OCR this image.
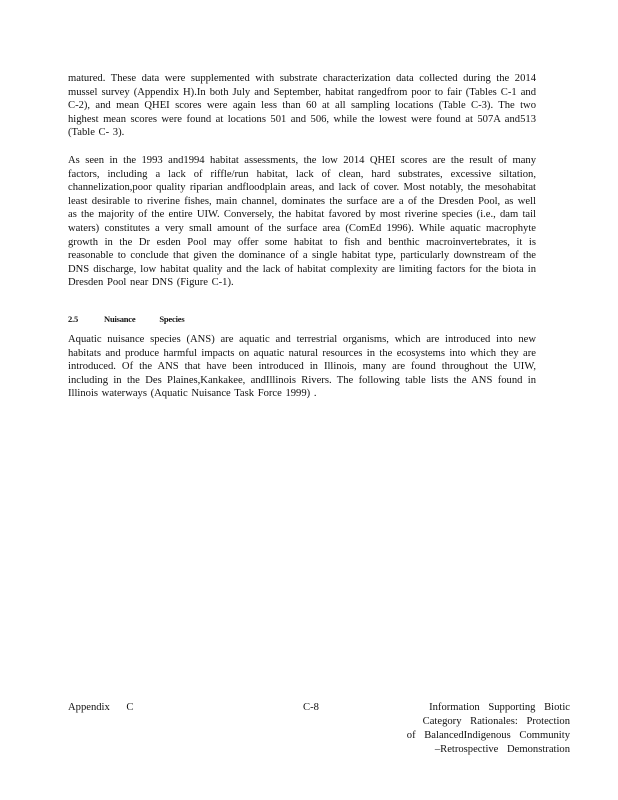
matured. These data were supplemented with substrate characterization data collected during the 2014 mussel survey (Appendix H).In both July and September, habitat rangedfrom poor to fair (Tables C-1 and C-2), and mean QHEI scores were again less than 60 at all sampling locations (Table C-3). The two highest mean scores were found at locations 501 and 506, while the lowest were found at 507A and513 (Table C- 3).

As seen in the 1993 and1994 habitat assessments, the low 2014 QHEI scores are the result of many factors, including a lack of riffle/run habitat, lack of clean, hard substrates, excessive siltation, channelization,poor quality riparian andfloodplain areas, and lack of cover. Most notably, the mesohabitat least desirable to riverine fishes, main channel, dominates the surface are a of the Dresden Pool, as well as the majority of the entire UIW. Conversely, the habitat favored by most riverine species (i.e., dam tail waters) constitutes a very small amount of the surface area (ComEd 1996). While aquatic macrophyte growth in the Dr esden Pool may offer some habitat to fish and benthic macroinvertebrates, it is reasonable to conclude that given the dominance of a single habitat type, particularly downstream of the DNS discharge, low habitat quality and the lack of habitat complexity are limiting factors for the biota in Dresden Pool near DNS (Figure C-1).

2.5	Nuisance Species

Aquatic nuisance species (ANS) are aquatic and terrestrial organisms, which are introduced into new habitats and produce harmful impacts on aquatic natural resources in the ecosystems into which they are introduced. Of the ANS that have been introduced in Illinois, many are found throughout the UIW, including in the Des Plaines,Kankakee, andIllinois Rivers. The following table lists the ANS found in Illinois waterways (Aquatic Nuisance Task Force 1999) .

Appendix C	C-8	Information Supporting Biotic
Category Rationales: Protection
of BalancedIndigenous Community
–Retrospective Demonstration
